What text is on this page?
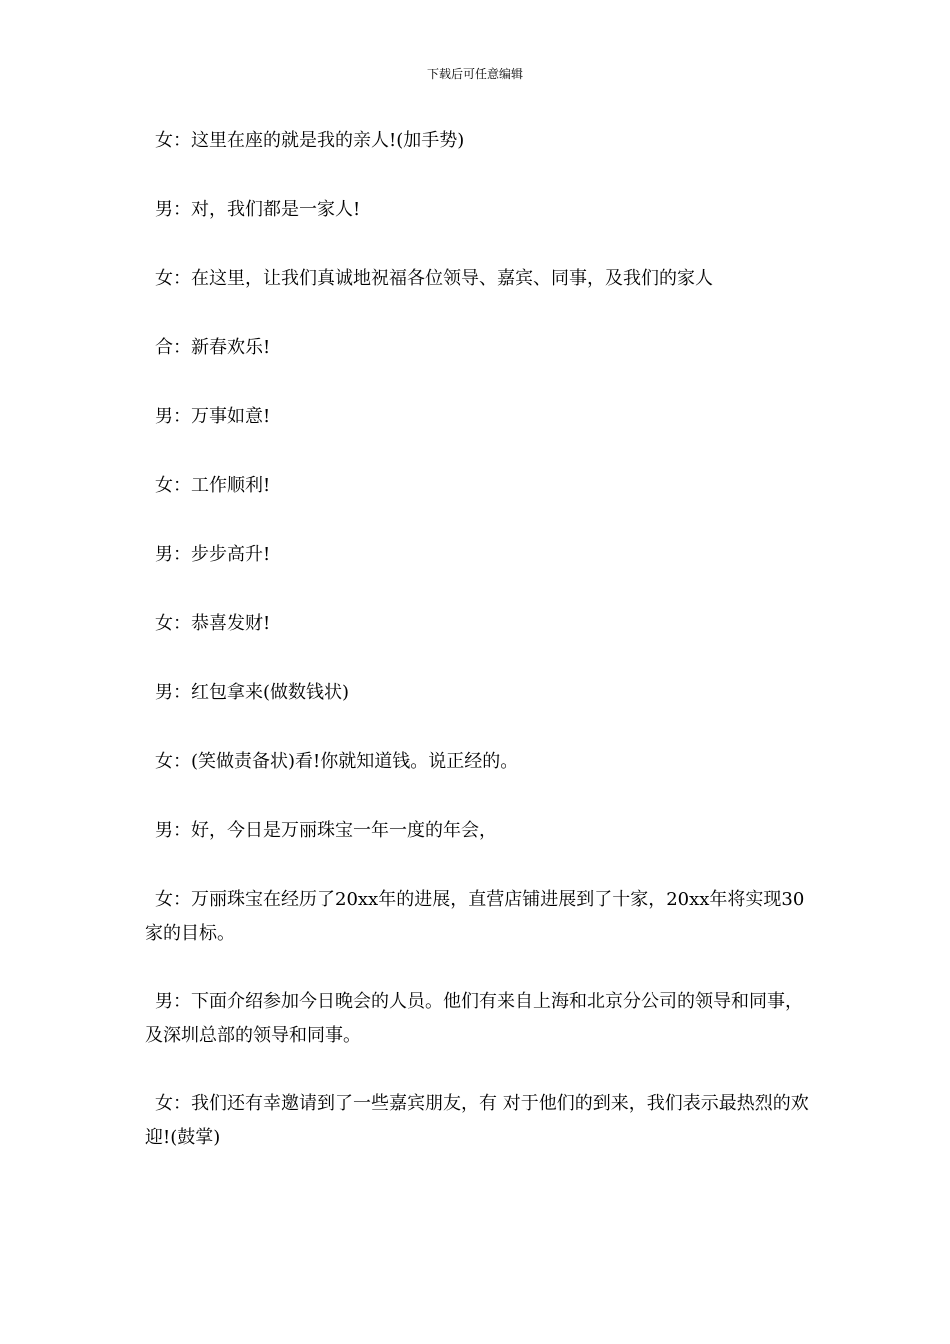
下载后可任意编辑

女：这里在座的就是我的亲人!(加手势)

男：对，我们都是一家人!

女：在这里，让我们真诚地祝福各位领导、嘉宾、同事，及我们的家人

合：新春欢乐!

男：万事如意!

女：工作顺利!

男：步步高升!

女：恭喜发财!

男：红包拿来(做数钱状)

女：(笑做责备状)看!你就知道钱。说正经的。

男：好，今日是万丽珠宝一年一度的年会，

女：万丽珠宝在经历了20xx年的进展，直营店铺进展到了十家，20xx年将实现30家的目标。

男：下面介绍参加今日晚会的人员。他们有来自上海和北京分公司的领导和同事，及深圳总部的领导和同事。

女：我们还有幸邀请到了一些嘉宾朋友，有 对于他们的到来，我们表示最热烈的欢迎!(鼓掌)
